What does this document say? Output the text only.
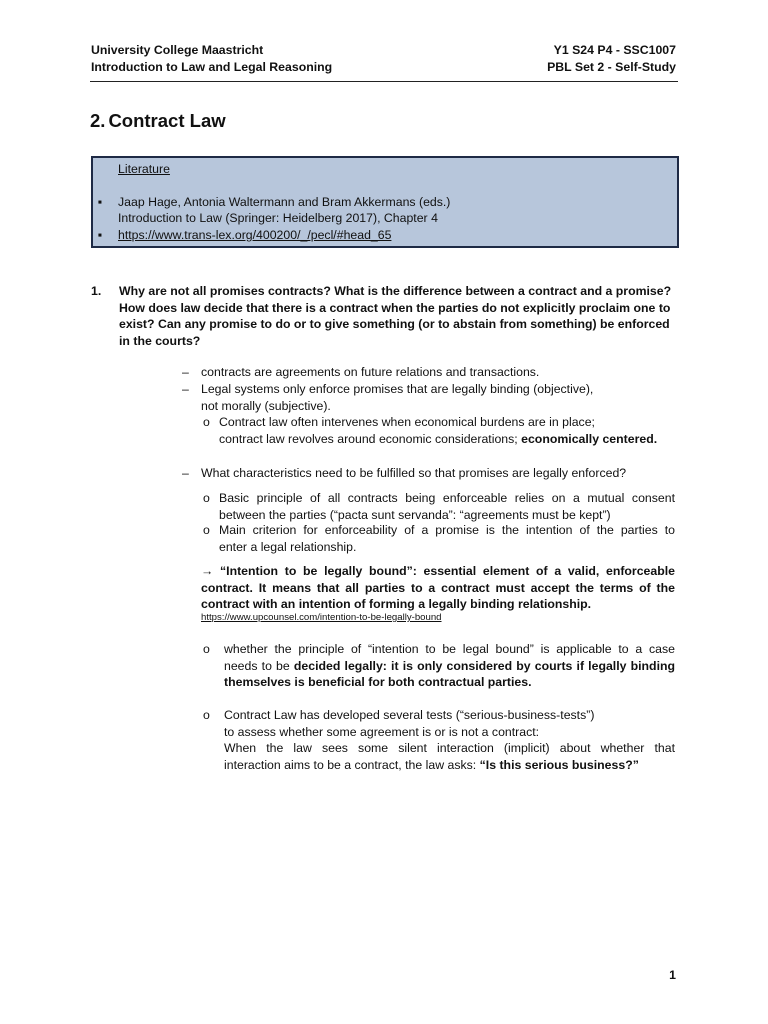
University College Maastricht
Introduction to Law and Legal Reasoning
Y1 S24 P4 - SSC1007
PBL Set 2 - Self-Study
2. Contract Law
Literature
▪ Jaap Hage, Antonia Waltermann and Bram Akkermans (eds.)
Introduction to Law (Springer: Heidelberg 2017), Chapter 4
▪ https://www.trans-lex.org/400200/_/pecl/#head_65
1. Why are not all promises contracts? What is the difference between a contract and a promise?
How does law decide that there is a contract when the parties do not explicitly proclaim one to
exist? Can any promise to do or to give something (or to abstain from something) be enforced
in the courts?
– contracts are agreements on future relations and transactions.
– Legal systems only enforce promises that are legally binding (objective),
not morally (subjective).
o Contract law often intervenes when economical burdens are in place;
contract law revolves around economic considerations; economically centered.
– What characteristics need to be fulfilled so that promises are legally enforced?
o Basic principle of all contracts being enforceable relies on a mutual consent
between the parties (“pacta sunt servanda”: “agreements must be kept”)
o Main criterion for enforceability of a promise is the intention of the parties to
enter a legal relationship.
→ “Intention to be legally bound”: essential element of a valid, enforceable
contract. It means that all parties to a contract must accept the terms of the
contract with an intention of forming a legally binding relationship.
https://www.upcounsel.com/intention-to-be-legally-bound
o	whether the principle of “intention to be legal bound” is applicable to a case
needs to be decided legally: it is only considered by courts if legally binding
themselves is beneficial for both contractual parties.
o	Contract Law has developed several tests (“serious-business-tests”)
to assess whether some agreement is or is not a contract:
When the law sees some silent interaction (implicit) about whether that
interaction aims to be a contract, the law asks: “Is this serious business?”
1
